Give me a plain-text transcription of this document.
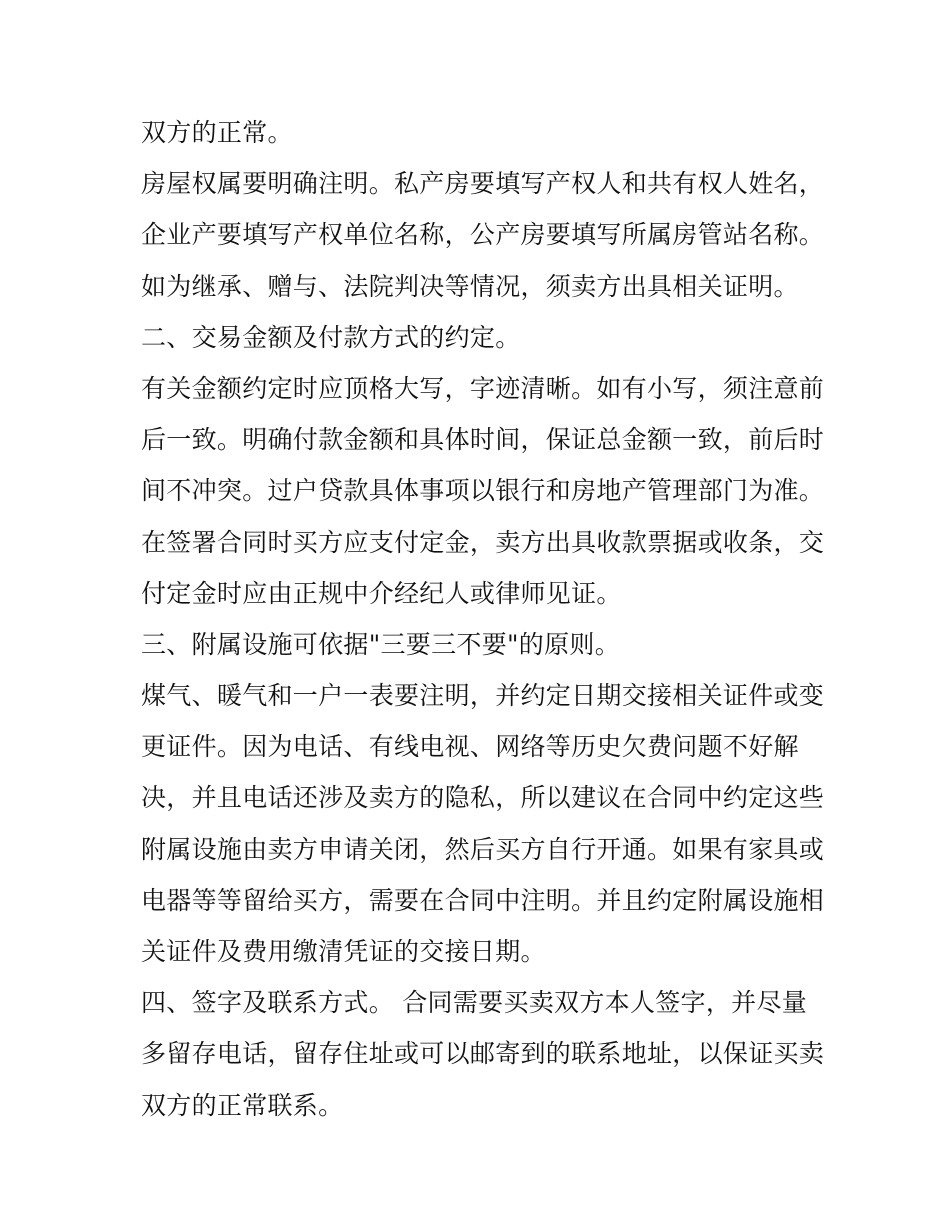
双方的正常。
房屋权属要明确注明。私产房要填写产权人和共有权人姓名，
企业产要填写产权单位名称，公产房要填写所属房管站名称。
如为继承、赠与、法院判决等情况，须卖方出具相关证明。
二、交易金额及付款方式的约定。
有关金额约定时应顶格大写，字迹清晰。如有小写，须注意前
后一致。明确付款金额和具体时间，保证总金额一致，前后时
间不冲突。过户贷款具体事项以银行和房地产管理部门为准。
在签署合同时买方应支付定金，卖方出具收款票据或收条，交
付定金时应由正规中介经纪人或律师见证。
三、附属设施可依据"三要三不要"的原则。
煤气、暖气和一户一表要注明，并约定日期交接相关证件或变
更证件。因为电话、有线电视、网络等历史欠费问题不好解
决，并且电话还涉及卖方的隐私，所以建议在合同中约定这些
附属设施由卖方申请关闭，然后买方自行开通。如果有家具或
电器等等留给买方，需要在合同中注明。并且约定附属设施相
关证件及费用缴清凭证的交接日期。
四、签字及联系方式。 合同需要买卖双方本人签字，并尽量
多留存电话，留存住址或可以邮寄到的联系地址，以保证买卖
双方的正常联系。
